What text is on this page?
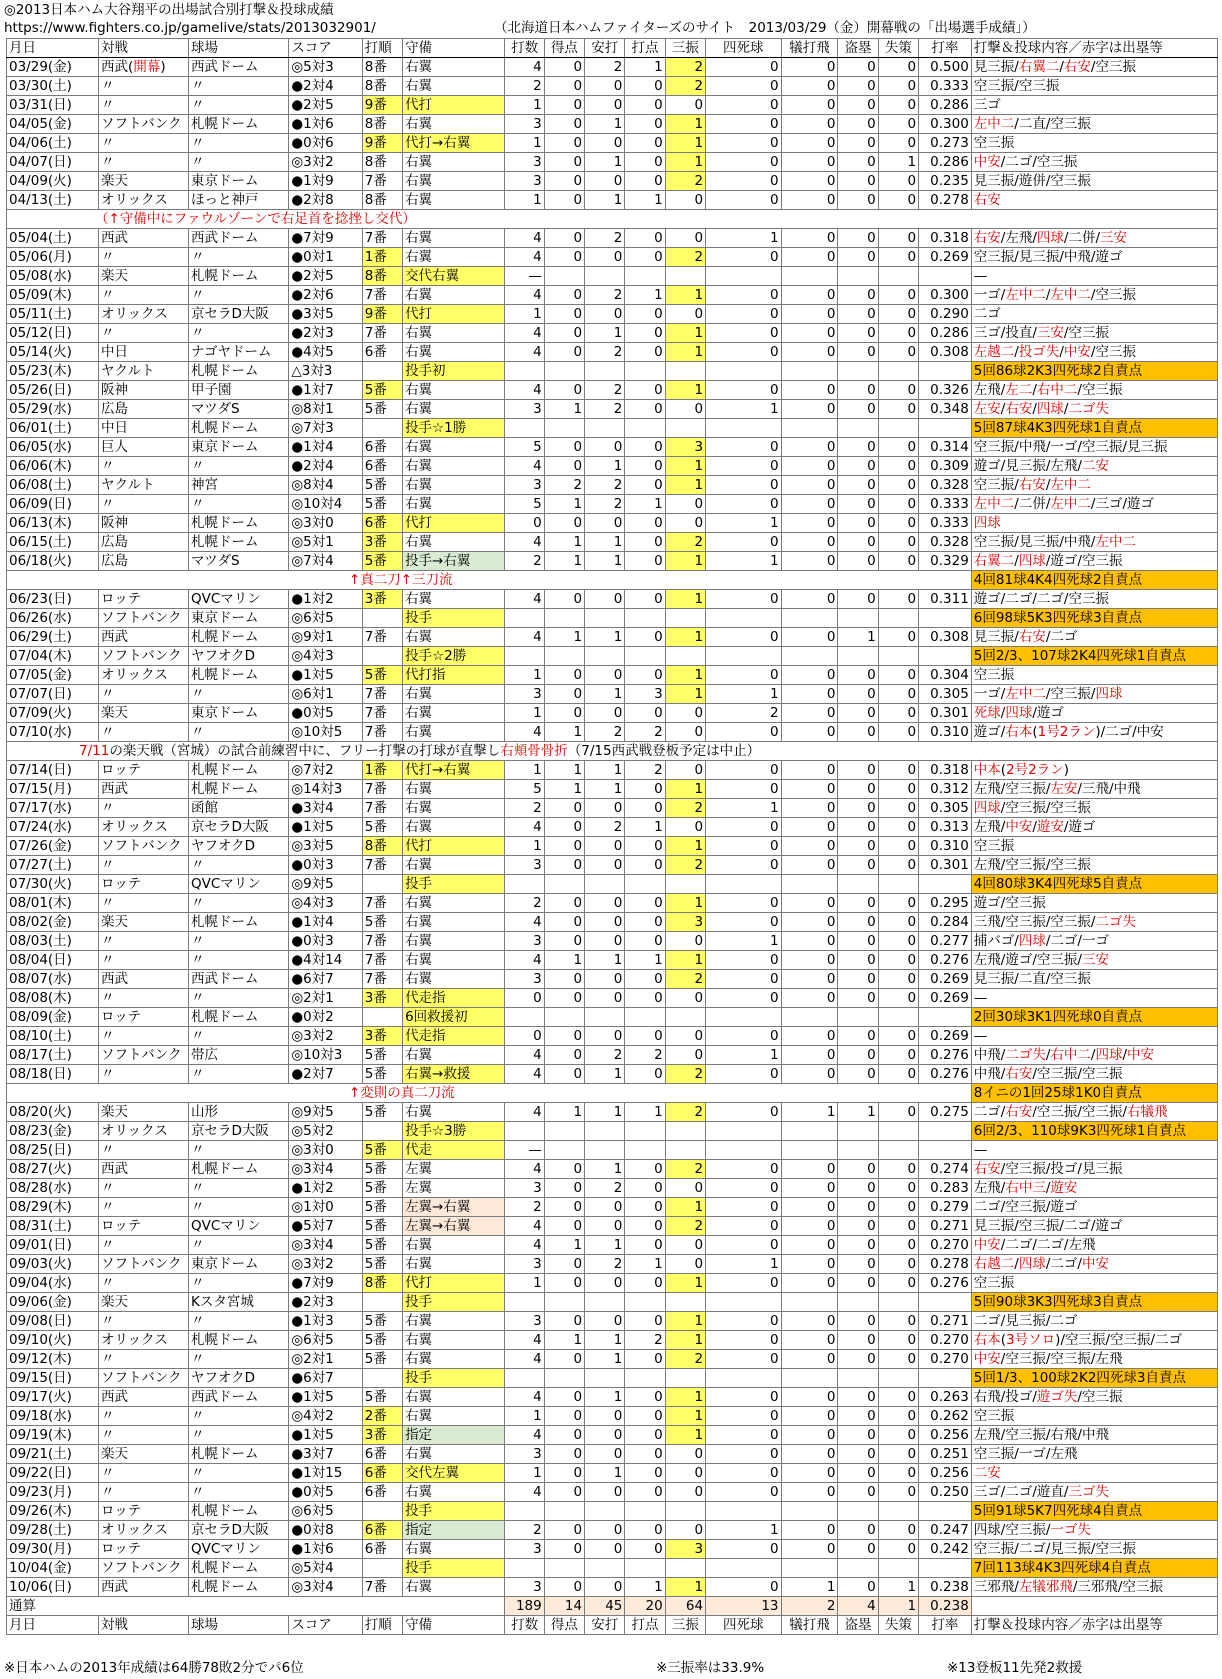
◎2013日本ハム大谷翔平の出場試合別打撃＆投球成績
https://www.fighters.co.jp/gamelive/stats/2013032901/	（北海道日本ハムファイターズのサイト　2013/03/29（金）開幕戦の「出場選手成績」）
月日	対戦	球場	スコア	打順	守備	打数	得点	安打	打点	三振	四死球	犠打飛	盗塁	失策	打率	打撃＆投球内容／赤字は出塁等
03/29(金)	西武(開幕)	西武ドーム	◎5対3	8番	右翼	4	0	2	1	2	0	0	0	0	0.500	見三振/右翼二/右安/空三振
03/30(土)	〃	〃	●2対4	8番	右翼	2	0	0	0	2	0	0	0	0	0.333	空三振/空三振
03/31(日)	〃	〃	●2対5	9番	代打	1	0	0	0	0	0	0	0	0	0.286	三ゴ
04/05(金)	ソフトバンク	札幌ドーム	●1対6	8番	右翼	3	0	1	0	1	0	0	0	0	0.300	左中二/二直/空三振
04/06(土)	〃	〃	●0対6	9番	代打→右翼	1	0	0	0	1	0	0	0	0	0.273	空三振
04/07(日)	〃	〃	◎3対2	8番	右翼	3	0	1	0	1	0	0	0	1	0.286	中安/二ゴ/空三振
04/09(火)	楽天	東京ドーム	●1対9	7番	右翼	3	0	0	0	2	0	0	0	0	0.235	見三振/遊併/空三振
04/13(土)	オリックス	ほっと神戸	●2対8	8番	右翼	1	0	1	1	0	0	0	0	0	0.278	右安
（↑守備中にファウルゾーンで右足首を捻挫し交代）																
05/04(土)	西武	西武ドーム	●7対9	7番	右翼	4	0	2	0	0	1	0	0	0	0.318	右安/左飛/四球/二併/三安
05/06(月)	〃	〃	●0対1	1番	右翼	4	0	0	0	2	0	0	0	0	0.269	空三振/見三振/中飛/遊ゴ
05/08(水)	楽天	札幌ドーム	●2対5	8番	交代右翼	—										—
05/09(木)	〃	〃	●2対6	7番	右翼	4	0	2	1	1	0	0	0	0	0.300	一ゴ/左中二/左中二/空三振
05/11(土)	オリックス	京セラD大阪	●3対5	9番	代打	1	0	0	0	0	0	0	0	0	0.290	二ゴ
05/12(日)	〃	〃	●2対3	7番	右翼	4	0	1	0	1	0	0	0	0	0.286	三ゴ/投直/三安/空三振
05/14(火)	中日	ナゴヤドーム	●4対5	6番	右翼	4	0	2	0	1	0	0	0	0	0.308	左越二/投ゴ失/中安/空三振
05/23(木)	ヤクルト	札幌ドーム	△3対3		投手初											5回86球2K3四死球2自責点
05/26(日)	阪神	甲子園	●1対7	5番	右翼	4	0	2	0	1	0	0	0	0	0.326	左飛/左二/右中二/空三振
05/29(水)	広島	マツダS	◎8対1	5番	右翼	3	1	2	0	0	1	0	0	0	0.348	左安/右安/四球/二ゴ失
06/01(土)	中日	札幌ドーム	◎7対3		投手☆1勝											5回87球4K3四死球1自責点
06/05(水)	巨人	東京ドーム	●1対4	6番	右翼	5	0	0	0	3	0	0	0	0	0.314	空三振/中飛/一ゴ/空三振/見三振
06/06(木)	〃	〃	●2対4	6番	右翼	4	0	1	0	1	0	0	0	0	0.309	遊ゴ/見三振/左飛/二安
06/08(土)	ヤクルト	神宮	◎8対4	5番	右翼	3	2	2	0	1	0	0	0	0	0.328	空三振/右安/左中二
06/09(日)	〃	〃	◎10対4	5番	右翼	5	1	2	1	0	0	0	0	0	0.333	左中二/二併/左中二/三ゴ/遊ゴ
06/13(木)	阪神	札幌ドーム	◎3対0	6番	代打	0	0	0	0	0	1	0	0	0	0.333	四球
06/15(土)	広島	札幌ドーム	◎5対1	3番	右翼	4	1	1	0	2	0	0	0	0	0.328	空三振/見三振/中飛/左中二
06/18(火)	広島	マツダS	◎7対4	5番	投手→右翼	2	1	1	0	1	1	0	0	0	0.329	右翼二/四球/遊ゴ/空三振
↑真二刀↑三刀流																4回81球4K4四死球2自責点
06/23(日)	ロッテ	QVCマリン	●1対2	3番	右翼	4	0	0	0	1	0	0	0	0	0.311	遊ゴ/二ゴ/二ゴ/空三振
06/26(水)	ソフトバンク	東京ドーム	◎6対5		投手											6回98球5K3四死球3自責点
06/29(土)	西武	札幌ドーム	◎9対1	7番	右翼	4	1	1	0	1	0	0	1	0	0.308	見三振/右安/二ゴ
07/04(木)	ソフトバンク	ヤフオクD	◎4対3		投手☆2勝											5回2/3、107球2K4四死球1自責点
07/05(金)	オリックス	札幌ドーム	●1対5	5番	代打指	1	0	0	0	1	0	0	0	0	0.304	空三振
07/07(日)	〃	〃	◎6対1	7番	右翼	3	0	1	3	1	1	0	0	0	0.305	一ゴ/左中二/空三振/四球
07/09(火)	楽天	東京ドーム	●0対5	7番	右翼	1	0	0	0	0	2	0	0	0	0.301	死球/四球/遊ゴ
07/10(水)	〃	〃	◎10対5	7番	右翼	4	1	2	2	0	0	0	0	0	0.310	遊ゴ/右本(1号2ラン)/二ゴ/中安
7/11の楽天戦（宮城）の試合前練習中に、フリー打撃の打球が直撃し右頬骨骨折（7/15西武戦登板予定は中止）																
07/14(日)	ロッテ	札幌ドーム	◎7対2	1番	代打→右翼	1	1	1	2	0	0	0	0	0	0.318	中本(2号2ラン)
07/15(月)	西武	札幌ドーム	◎14対3	7番	右翼	5	1	1	0	1	0	0	0	0	0.312	左飛/空三振/左安/三飛/中飛
07/17(水)	〃	函館	●3対4	7番	右翼	2	0	0	0	2	1	0	0	0	0.305	四球/空三振/空三振
07/24(水)	オリックス	京セラD大阪	●1対5	5番	右翼	4	0	2	1	0	0	0	0	0	0.313	左飛/中安/遊安/遊ゴ
07/26(金)	ソフトバンク	ヤフオクD	◎3対5	8番	代打	1	0	0	0	1	0	0	0	0	0.310	空三振
07/27(土)	〃	〃	●0対3	7番	右翼	3	0	0	0	2	0	0	0	0	0.301	左飛/空三振/空三振
07/30(火)	ロッテ	QVCマリン	◎9対5		投手											4回80球3K4四死球5自責点
08/01(木)	〃	〃	◎4対3	7番	右翼	2	0	0	0	1	0	0	0	0	0.295	遊ゴ/空三振
08/02(金)	楽天	札幌ドーム	●1対4	5番	右翼	4	0	0	0	3	0	0	0	0	0.284	三飛/空三振/空三振/二ゴ失
08/03(土)	〃	〃	●0対3	7番	右翼	3	0	0	0	0	1	0	0	0	0.277	捕バゴ/四球/二ゴ/一ゴ
08/04(日)	〃	〃	●4対14	7番	右翼	4	1	1	1	1	0	0	0	0	0.276	左飛/遊ゴ/空三振/三安
08/07(水)	西武	西武ドーム	●6対7	7番	右翼	3	0	0	0	2	0	0	0	0	0.269	見三振/二直/空三振
08/08(木)	〃	〃	◎2対1	3番	代走指	0	0	0	0	0	0	0	0	0	0.269	—
08/09(金)	ロッテ	札幌ドーム	●0対2		6回救援初											2回30球3K1四死球0自責点
08/10(土)	〃	〃	◎3対2	3番	代走指	0	0	0	0	0	0	0	0	0	0.269	—
08/17(土)	ソフトバンク	帯広	◎10対3	5番	右翼	4	0	2	2	0	1	0	0	0	0.276	中飛/二ゴ失/右中二/四球/中安
08/18(日)	〃	〃	●2対7	5番	右翼→救援	4	0	1	0	2	0	0	0	0	0.276	中飛/右安/空三振/空三振
↑変則の真二刀流																8イニの1回25球1K0自責点
08/20(火)	楽天	山形	◎9対5	5番	右翼	4	1	1	1	2	0	1	1	0	0.275	二ゴ/右安/空三振/空三振/右犠飛
08/23(金)	オリックス	京セラD大阪	◎5対2		投手☆3勝											6回2/3、110球9K3四死球1自責点
08/25(日)	〃	〃	◎3対0	5番	代走	—										—
08/27(火)	西武	札幌ドーム	◎3対4	5番	左翼	4	0	1	0	2	0	0	0	0	0.274	右安/空三振/投ゴ/見三振
08/28(水)	〃	〃	●1対2	5番	左翼	3	0	2	0	0	0	0	0	0	0.283	左飛/右中三/遊安
08/29(木)	〃	〃	◎1対0	5番	左翼→右翼	2	0	0	0	1	0	0	0	0	0.279	二ゴ/空三振/遊ゴ
08/31(土)	ロッテ	QVCマリン	●5対7	5番	左翼→右翼	4	0	0	0	2	0	0	0	0	0.271	見三振/空三振/二ゴ/遊ゴ
09/01(日)	〃	〃	◎3対4	5番	右翼	4	1	1	0	0	0	0	0	0	0.270	中安/二ゴ/二ゴ/左飛
09/03(火)	ソフトバンク	東京ドーム	◎3対2	5番	右翼	3	0	2	1	0	1	0	0	0	0.278	右越二/四球/二ゴ/中安
09/04(水)	〃	〃	●7対9	8番	代打	1	0	0	0	1	0	0	0	0	0.276	空三振
09/06(金)	楽天	Kスタ宮城	●2対3		投手											5回90球3K3四死球3自責点
09/08(日)	〃	〃	●1対3	5番	右翼	3	0	0	0	1	0	0	0	0	0.271	二ゴ/見三振/二ゴ
09/10(火)	オリックス	札幌ドーム	◎6対5	5番	右翼	4	1	1	2	1	0	0	0	0	0.270	右本(3号ソロ)/空三振/空三振/二ゴ
09/12(木)	〃	〃	◎2対1	5番	右翼	4	0	1	0	2	0	0	0	0	0.270	中安/空三振/空三振/左飛
09/15(日)	ソフトバンク	ヤフオクD	●6対7		投手											5回1/3、100球2K2四死球3自責点
09/17(火)	西武	西武ドーム	●1対5	5番	右翼	4	0	1	0	1	0	0	0	0	0.263	右飛/投ゴ/遊ゴ失/空三振
09/18(水)	〃	〃	◎4対2	2番	右翼	1	0	0	0	1	0	0	0	0	0.262	空三振
09/19(木)	〃	〃	●1対5	3番	指定	4	0	0	0	1	0	0	0	0	0.256	左飛/空三振/右飛/中飛
09/21(土)	楽天	札幌ドーム	●3対7	6番	右翼	3	0	0	0	0	0	0	0	0	0.251	空三振/一ゴ/左飛
09/22(日)	〃	〃	●1対15	6番	交代左翼	1	0	1	0	0	0	0	0	0	0.256	二安
09/23(月)	〃	〃	●0対5	6番	右翼	4	0	0	0	0	0	0	0	0	0.250	三ゴ/二ゴ/遊直/三ゴ失
09/26(木)	ロッテ	札幌ドーム	◎6対5		投手											5回91球5K7四死球4自責点
09/28(土)	オリックス	京セラD大阪	●0対8	6番	指定	2	0	0	0	0	1	0	0	0	0.247	四球/空三振/一ゴ失
09/30(月)	ロッテ	QVCマリン	●1対6	6番	右翼	3	0	0	0	3	0	0	0	0	0.242	空三振/二ゴ/見三振/空三振
10/04(金)	ソフトバンク	札幌ドーム	◎5対4		投手											7回113球4K3四死球4自責点
10/06(日)	西武	札幌ドーム	◎3対4	7番	右翼	3	0	0	1	1	0	1	0	1	0.238	三邪飛/左犠邪飛/三邪飛/空三振
通算						189	14	45	20	64	13	2	4	1	0.238	
月日	対戦	球場	スコア	打順	守備	打数	得点	安打	打点	三振	四死球	犠打飛	盗塁	失策	打率	打撃＆投球内容／赤字は出塁等
※日本ハムの2013年成績は64勝78敗2分でパ6位	※三振率は33.9%	※13登板11先発2救援
